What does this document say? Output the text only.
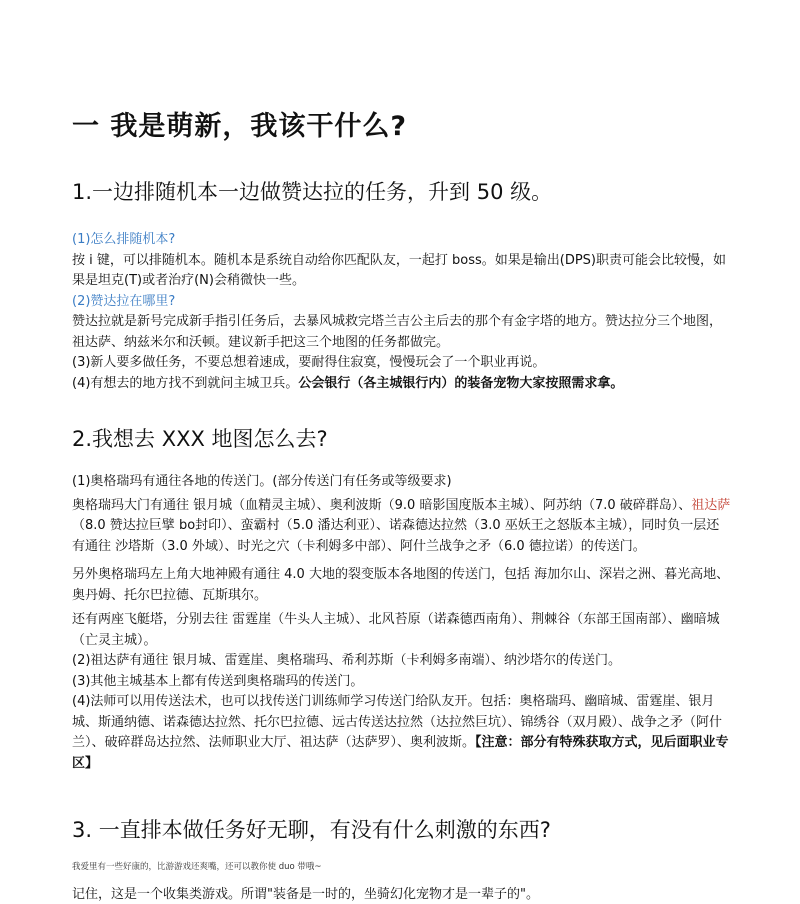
一 我是萌新，我该干什么?
1.一边排随机本一边做赞达拉的任务，升到 50 级。

(1)怎么排随机本?

按 i 键，可以排随机本。随机本是系统自动给你匹配队友，一起打 boss。如果是输出(DPS)职责可能会比较慢，如果是坦克(T)或者治疗(N)会稍微快一些。

(2)赞达拉在哪里?

赞达拉就是新号完成新手指引任务后，去暴风城救完塔兰吉公主后去的那个有金字塔的地方。赞达拉分三个地图，祖达萨、纳兹米尔和沃顿。建议新手把这三个地图的任务都做完。

(3)新人要多做任务，不要总想着速成，要耐得住寂寞，慢慢玩会了一个职业再说。

(4)有想去的地方找不到就问主城卫兵。公会银行（各主城银行内）的装备宠物大家按照需求拿。

2.我想去 XXX 地图怎么去?

(1)奥格瑞玛有通往各地的传送门。(部分传送门有任务或等级要求)

奥格瑞玛大门有通往 银月城（血精灵主城）、奥利波斯（9.0 暗影国度版本主城）、阿苏纳（7.0 破碎群岛）、祖达萨（8.0 赞达拉巨擘 bo封印）、蛮霸村（5.0 潘达利亚）、诺森德达拉然（3.0 巫妖王之怒版本主城），同时负一层还有通往 沙塔斯（3.0 外域）、时光之穴（卡利姆多中部）、阿什兰战争之矛（6.0 德拉诺）的传送门。

另外奥格瑞玛左上角大地神殿有通往 4.0 大地的裂变版本各地图的传送门，包括 海加尔山、深岩之洲、暮光高地、奥丹姆、托尔巴拉德、瓦斯琪尔。

还有两座飞艇塔，分别去往 雷霆崖（牛头人主城）、北风苔原（诺森德西南角）、荆棘谷（东部王国南部）、幽暗城（亡灵主城）。

(2)祖达萨有通往 银月城、雷霆崖、奥格瑞玛、希利苏斯（卡利姆多南端）、纳沙塔尔的传送门。

(3)其他主城基本上都有传送到奥格瑞玛的传送门。

(4)法师可以用传送法术，也可以找传送门训练师学习传送门给队友开。包括：奥格瑞玛、幽暗城、雷霆崖、银月城、斯通纳德、诺森德达拉然、托尔巴拉德、远古传送达拉然（达拉然巨坑）、锦绣谷（双月殿）、战争之矛（阿什兰）、破碎群岛达拉然、法师职业大厅、祖达萨（达萨罗）、奥利波斯。【注意：部分有特殊获取方式，见后面职业专区】

3. 一直排本做任务好无聊，有没有什么刺激的东西?
我爱里有一些好康的，比游游戏还爽嘴，还可以教你使 duo 带哦~
记住，这是一个收集类游戏。所谓"装备是一时的，坐骑幻化宠物才是一辈子的"。
